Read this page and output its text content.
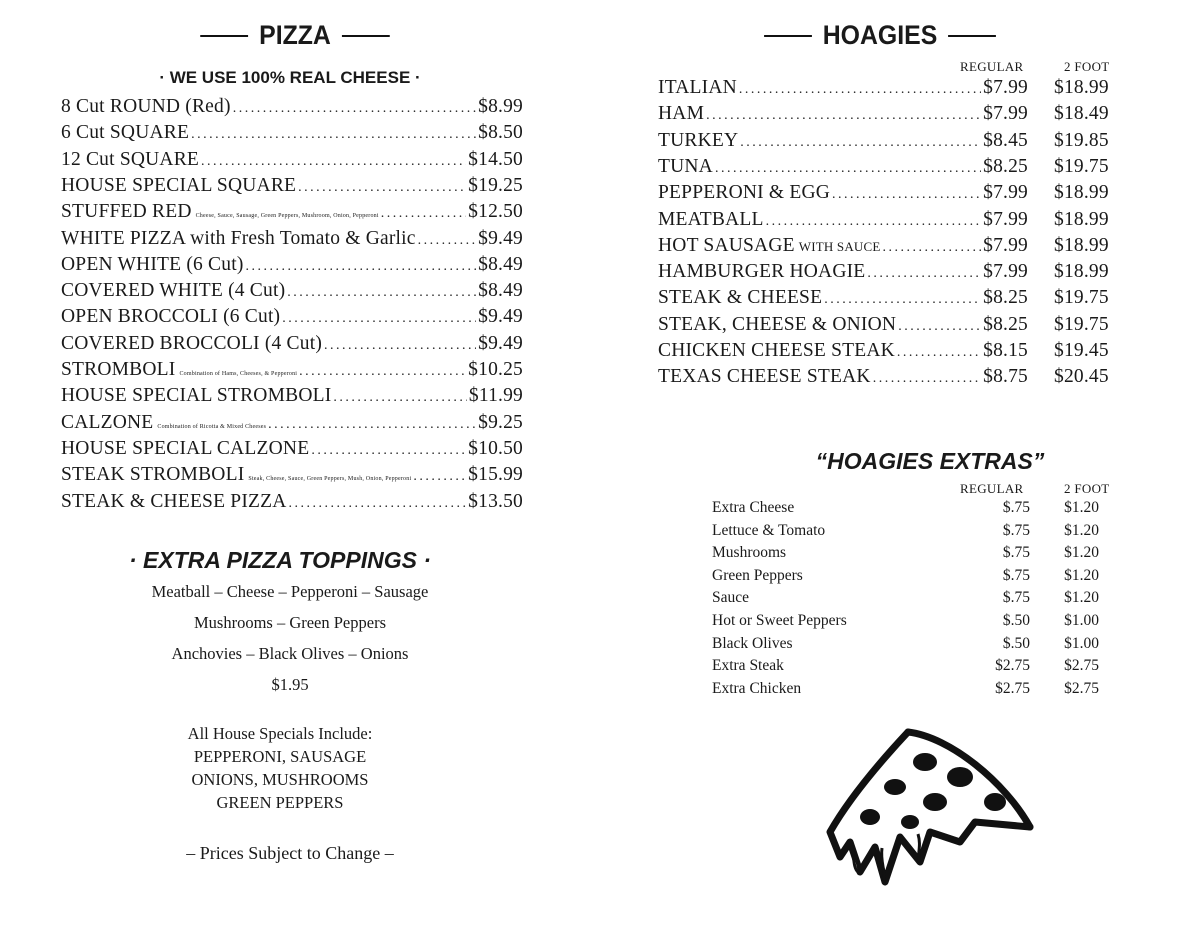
PIZZA
· WE USE 100% REAL CHEESE ·
8 Cut ROUND (Red) . . .	$8.99
6 Cut SQUARE . . .	$8.50
12 Cut SQUARE . . .	$14.50
HOUSE SPECIAL SQUARE . . .	$19.25
STUFFED RED Cheese, Sauce, Sausage, Green Peppers, Mushroom, Onion, Pepperoni . . .	$12.50
WHITE PIZZA with Fresh Tomato & Garlic . . .	$9.49
OPEN WHITE (6 Cut) . . .	$8.49
COVERED WHITE (4 Cut) . . .	$8.49
OPEN BROCCOLI (6 Cut) . . .	$9.49
COVERED BROCCOLI (4 Cut) . . .	$9.49
STROMBOLI Combination of Hams, Cheeses, & Pepperoni . . .	$10.25
HOUSE SPECIAL STROMBOLI . . .	$11.99
CALZONE Combination of Ricotta & Mixed Cheeses . . .	$9.25
HOUSE SPECIAL CALZONE . . .	$10.50
STEAK STROMBOLI Steak, Cheese, Sauce, Green Peppers, Mush, Onion, Pepperoni . . .	$15.99
STEAK & CHEESE PIZZA . . .	$13.50
· EXTRA PIZZA TOPPINGS ·
Meatball – Cheese – Pepperoni – Sausage
Mushrooms – Green Peppers
Anchovies – Black Olives – Onions
$1.95
All House Specials Include:
PEPPERONI, SAUSAGE
ONIONS, MUSHROOMS
GREEN PEPPERS
– Prices Subject to Change –
HOAGIES
REGULAR	2 FOOT
ITALIAN . . .	$7.99 $18.99
HAM . . .	$7.99 $18.49
TURKEY . . .	$8.45 $19.85
TUNA . . .	$8.25 $19.75
PEPPERONI & EGG . . .	$7.99 $18.99
MEATBALL . . .	$7.99 $18.99
HOT SAUSAGE WITH SAUCE . . .	$7.99 $18.99
HAMBURGER HOAGIE . . .	$7.99 $18.99
STEAK & CHEESE . . .	$8.25 $19.75
STEAK, CHEESE & ONION . . .	$8.25 $19.75
CHICKEN CHEESE STEAK . . .	$8.15 $19.45
TEXAS CHEESE STEAK . . .	$8.75 $20.45
“HOAGIES EXTRAS”
REGULAR	2 FOOT
Extra Cheese	$.75 $1.20
Lettuce & Tomato	$.75 $1.20
Mushrooms	$.75 $1.20
Green Peppers	$.75 $1.20
Sauce	$.75 $1.20
Hot or Sweet Peppers	$.50 $1.00
Black Olives	$.50 $1.00
Extra Steak	$2.75 $2.75
Extra Chicken	$2.75 $2.75
